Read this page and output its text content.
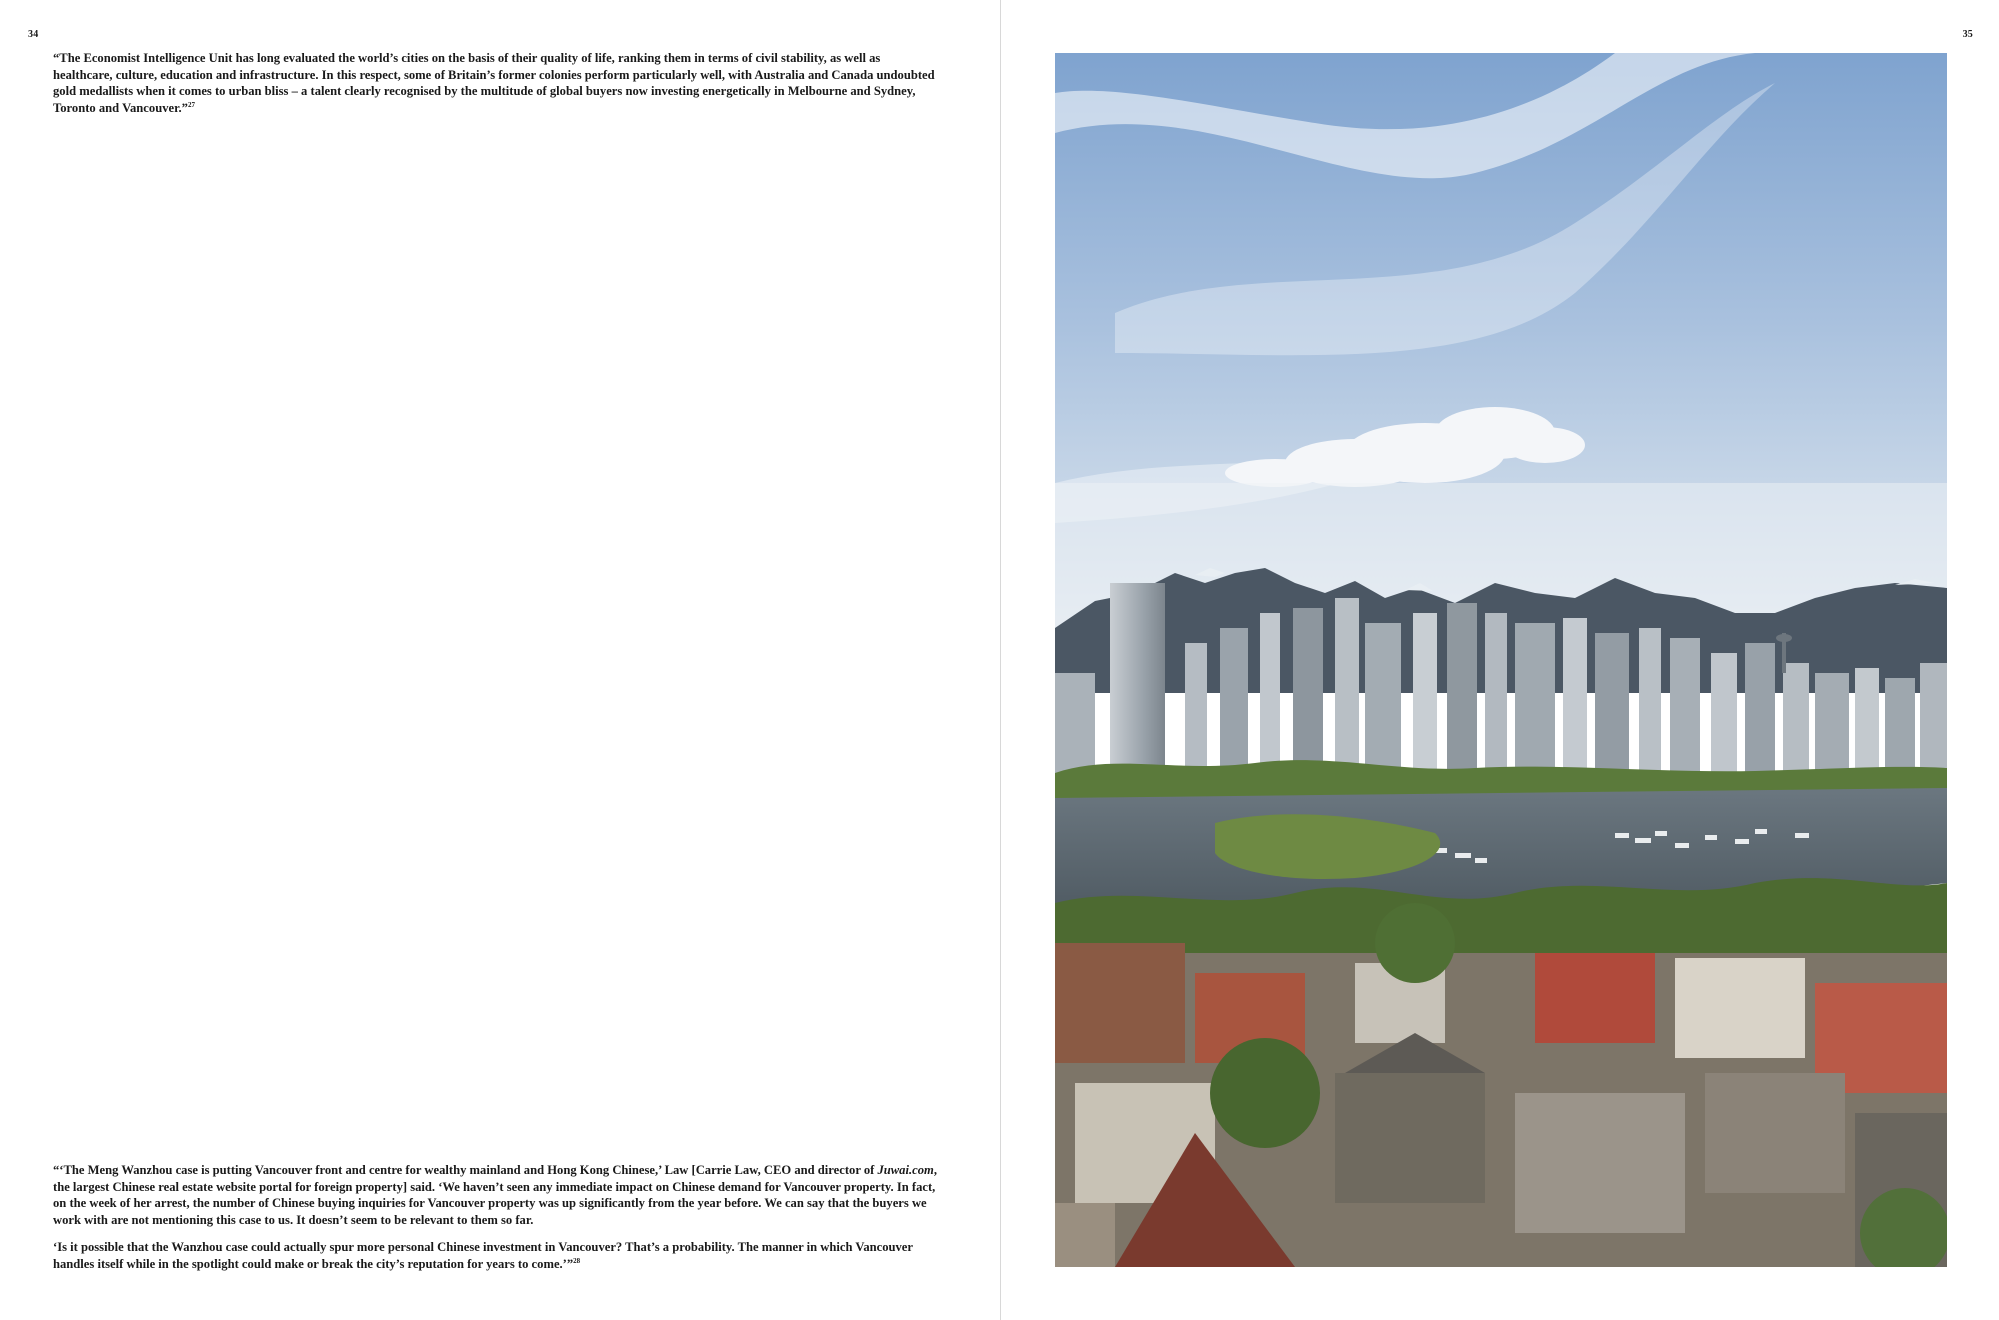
34

“The Economist Intelligence Unit has long evaluated the world’s cities on the basis of their quality of life, ranking them in terms of civil stability, as well as healthcare, culture, education and infrastructure. In this respect, some of Britain’s former colonies perform particularly well, with Australia and Canada undoubted gold medallists when it comes to urban bliss – a talent clearly recognised by the multitude of global buyers now investing energetically in Melbourne and Sydney, Toronto and Vancouver.”$^{27}$

“‘The Meng Wanzhou case is putting Vancouver front and centre for wealthy mainland and Hong Kong Chinese,’ Law [Carrie Law, CEO and director of Juwai.com, the largest Chinese real estate website portal for foreign property] said. ‘We haven’t seen any immediate impact on Chinese demand for Vancouver property. In fact, on the week of her arrest, the number of Chinese buying inquiries for Vancouver property was up significantly from the year before. We can say that the buyers we work with are not mentioning this case to us. It doesn’t seem to be relevant to them so far.

‘Is it possible that the Wanzhou case could actually spur more personal Chinese investment in Vancouver? That’s a probability. The manner in which Vancouver handles itself while in the spotlight could make or break the city’s reputation for years to come.’”$^{28}$

35
